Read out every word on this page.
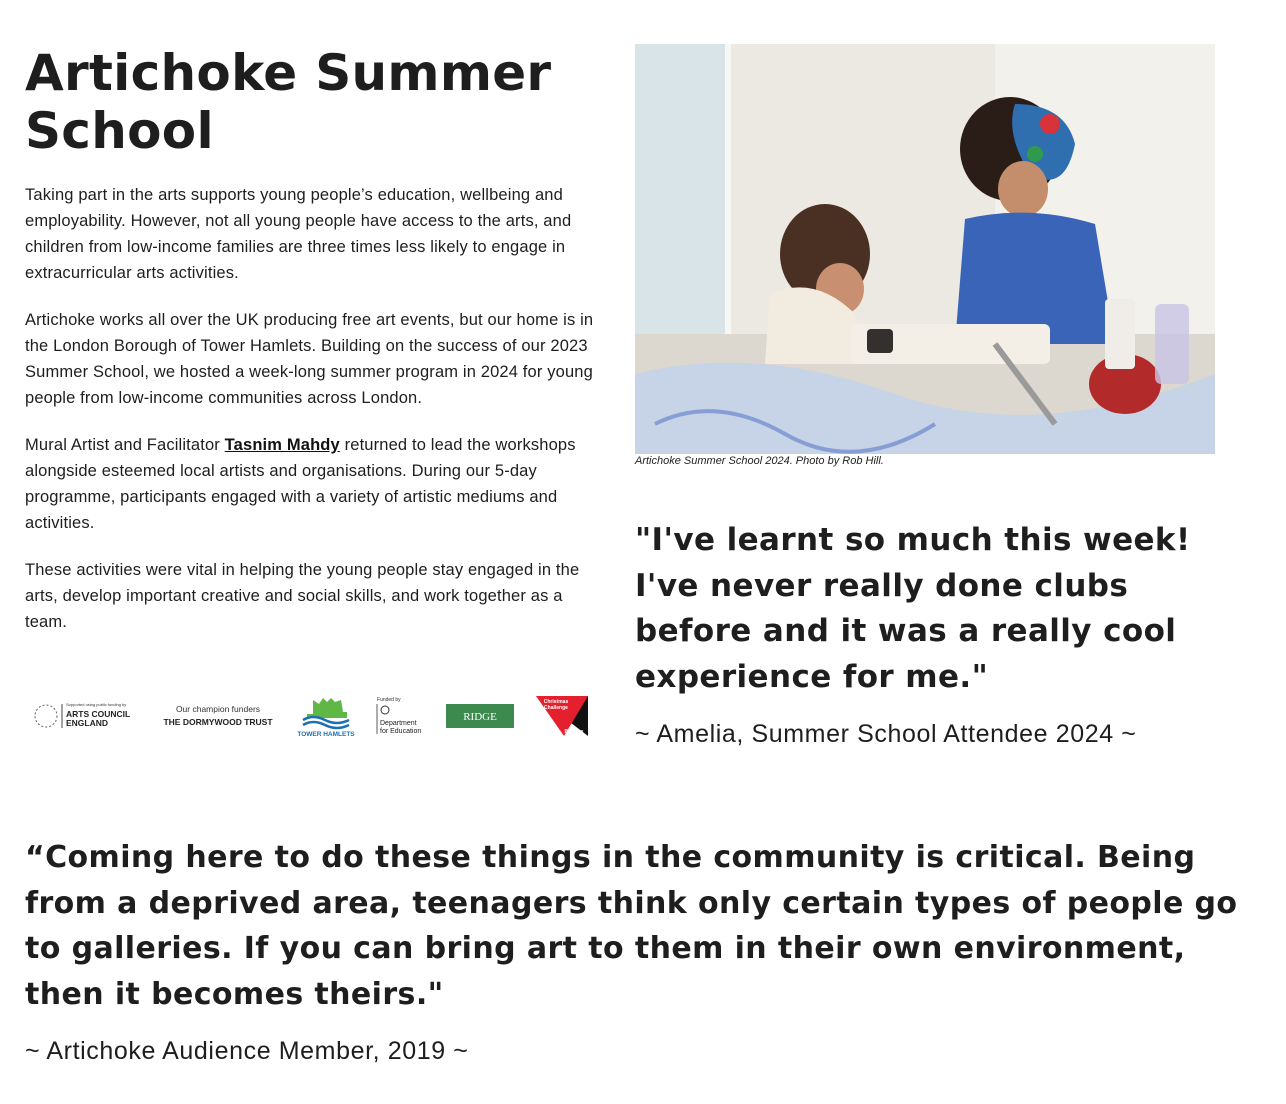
Artichoke Summer School

Taking part in the arts supports young people’s education, wellbeing and employability. However, not all young people have access to the arts, and children from low-income families are three times less likely to engage in extracurricular arts activities.

Artichoke works all over the UK producing free art events, but our home is in the London Borough of Tower Hamlets. Building on the success of our 2023 Summer School, we hosted a week-long summer program in 2024 for young people from low-income communities across London.

Mural Artist and Facilitator Tasnim Mahdy returned to lead the workshops alongside esteemed local artists and organisations. During our 5-day programme, participants engaged with a variety of artistic mediums and activities.

These activities were vital in helping the young people stay engaged in the arts, develop important creative and social skills, and work together as a team.

Supported using public funding by
ARTS COUNCIL
ENGLAND
Our champion funders
THE DORMYWOOD TRUST
TOWER HAMLETS
Funded by
Department
for Education
RIDGE
Christmas
Challenge
BigGive
Artichoke Summer School 2024. Photo by Rob Hill.

"I've learnt so much this week! I've never really done clubs before and it was a really cool experience for me."

~ Amelia, Summer School Attendee 2024 ~

“Coming here to do these things in the community is critical. Being from a deprived area, teenagers think only certain types of people go to galleries. If you can bring art to them in their own environment, then it becomes theirs."

~ Artichoke Audience Member, 2019 ~
